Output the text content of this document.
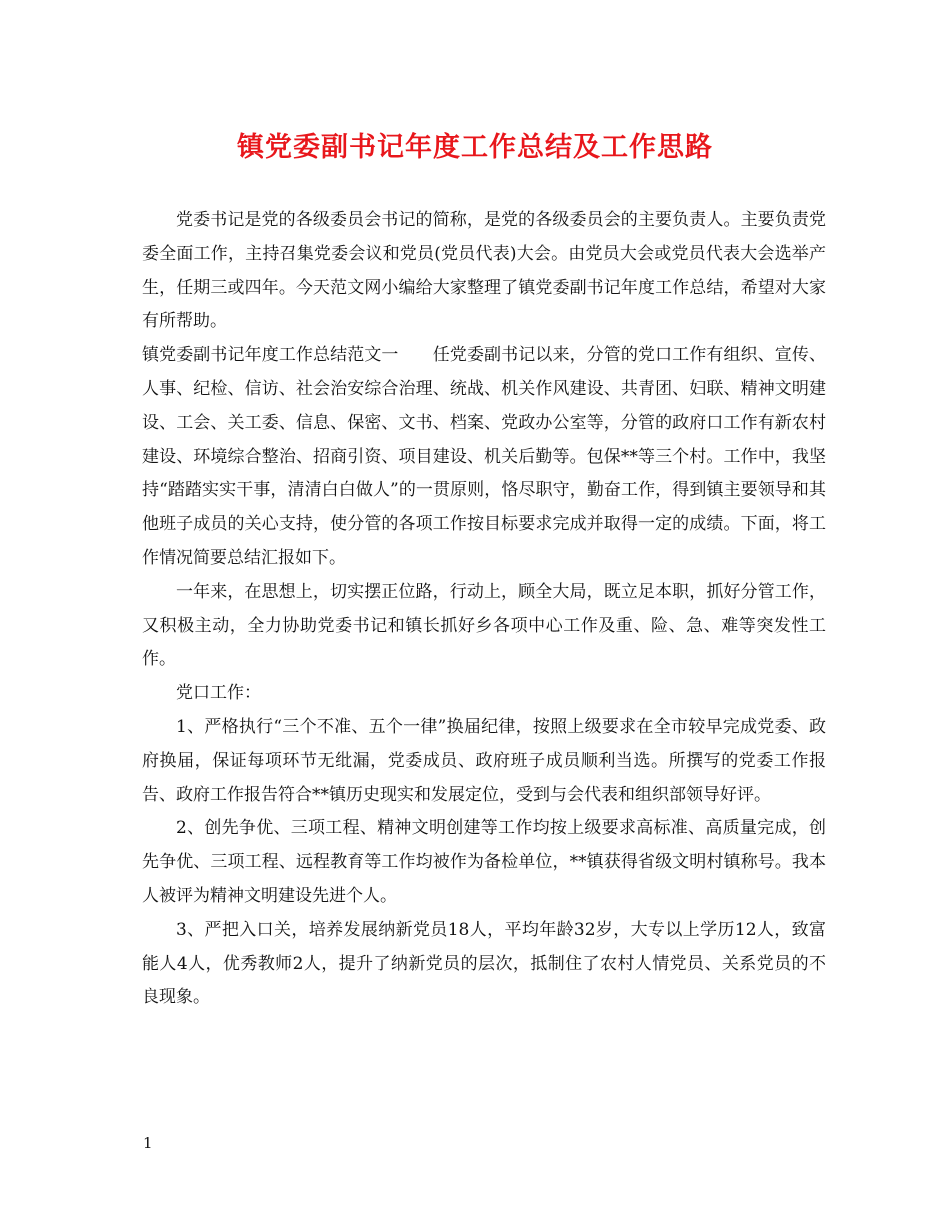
镇党委副书记年度工作总结及工作思路

党委书记是党的各级委员会书记的简称，是党的各级委员会的主要负责人。主要负责党委全面工作，主持召集党委会议和党员(党员代表)大会。由党员大会或党员代表大会选举产生，任期三或四年。今天范文网小编给大家整理了镇党委副书记年度工作总结，希望对大家有所帮助。

镇党委副书记年度工作总结范文一　　任党委副书记以来，分管的党口工作有组织、宣传、人事、纪检、信访、社会治安综合治理、统战、机关作风建设、共青团、妇联、精神文明建设、工会、关工委、信息、保密、文书、档案、党政办公室等，分管的政府口工作有新农村建设、环境综合整治、招商引资、项目建设、机关后勤等。包保**等三个村。工作中，我坚持“踏踏实实干事，清清白白做人”的一贯原则，恪尽职守，勤奋工作，得到镇主要领导和其他班子成员的关心支持，使分管的各项工作按目标要求完成并取得一定的成绩。下面，将工作情况简要总结汇报如下。

一年来，在思想上，切实摆正位路，行动上，顾全大局，既立足本职，抓好分管工作，又积极主动，全力协助党委书记和镇长抓好乡各项中心工作及重、险、急、难等突发性工作。

党口工作：

1、严格执行“三个不准、五个一律”换届纪律，按照上级要求在全市较早完成党委、政府换届，保证每项环节无纰漏，党委成员、政府班子成员顺利当选。所撰写的党委工作报告、政府工作报告符合**镇历史现实和发展定位，受到与会代表和组织部领导好评。

2、创先争优、三项工程、精神文明创建等工作均按上级要求高标准、高质量完成，创先争优、三项工程、远程教育等工作均被作为备检单位，**镇获得省级文明村镇称号。我本人被评为精神文明建设先进个人。

3、严把入口关，培养发展纳新党员18人，平均年龄32岁，大专以上学历12人，致富能人4人，优秀教师2人，提升了纳新党员的层次，抵制住了农村人情党员、关系党员的不良现象。

1
